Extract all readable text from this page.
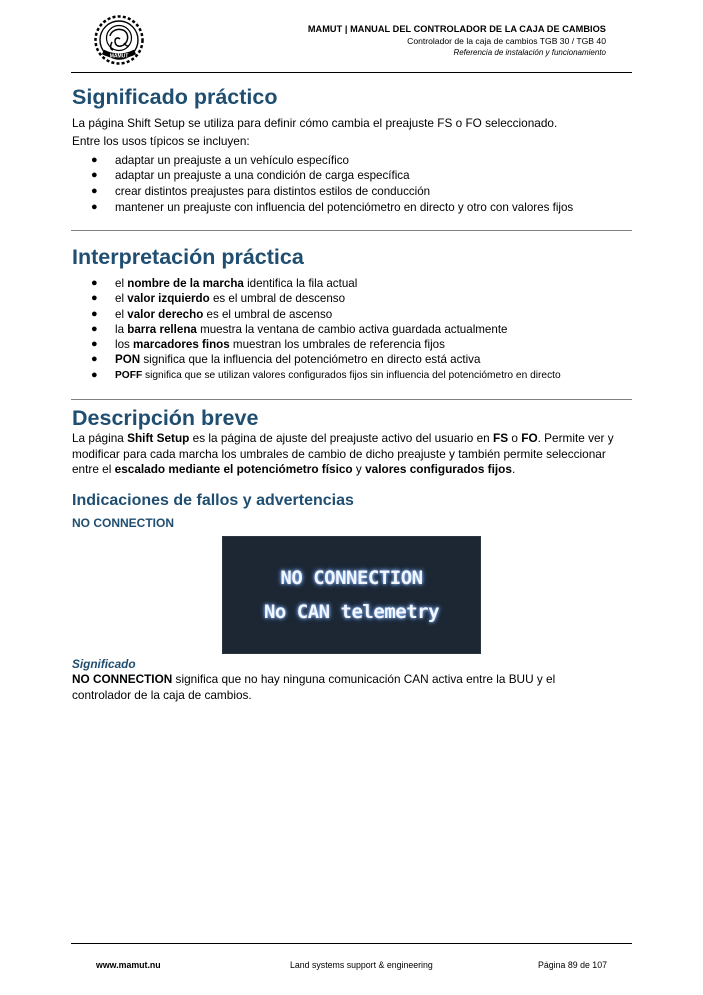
MAMUT
MAMUT | MANUAL DEL CONTROLADOR DE LA CAJA DE CAMBIOS
Controlador de la caja de cambios TGB 30 / TGB 40
Referencia de instalación y funcionamiento
Significado práctico
La página Shift Setup se utiliza para definir cómo cambia el preajuste FS o FO seleccionado.
Entre los usos típicos se incluyen:
● adaptar un preajuste a un vehículo específico
● adaptar un preajuste a una condición de carga específica
● crear distintos preajustes para distintos estilos de conducción
● mantener un preajuste con influencia del potenciómetro en directo y otro con valores fijos
Interpretación práctica
● el nombre de la marcha identifica la fila actual
● el valor izquierdo es el umbral de descenso
● el valor derecho es el umbral de ascenso
● la barra rellena muestra la ventana de cambio activa guardada actualmente
● los marcadores finos muestran los umbrales de referencia fijos
● PON significa que la influencia del potenciómetro en directo está activa
● POFF significa que se utilizan valores configurados fijos sin influencia del potenciómetro en directo
Descripción breve
La página Shift Setup es la página de ajuste del preajuste activo del usuario en FS o FO. Permite ver y modificar para cada marcha los umbrales de cambio de dicho preajuste y también permite seleccionar entre el escalado mediante el potenciómetro físico y valores configurados fijos.
Indicaciones de fallos y advertencias
NO CONNECTION
NO CONNECTION
No CAN telemetry
Significado
NO CONNECTION significa que no hay ninguna comunicación CAN activa entre la BUU y el controlador de la caja de cambios.
www.mamut.nu	Land systems support & engineering	Página 89 de 107
